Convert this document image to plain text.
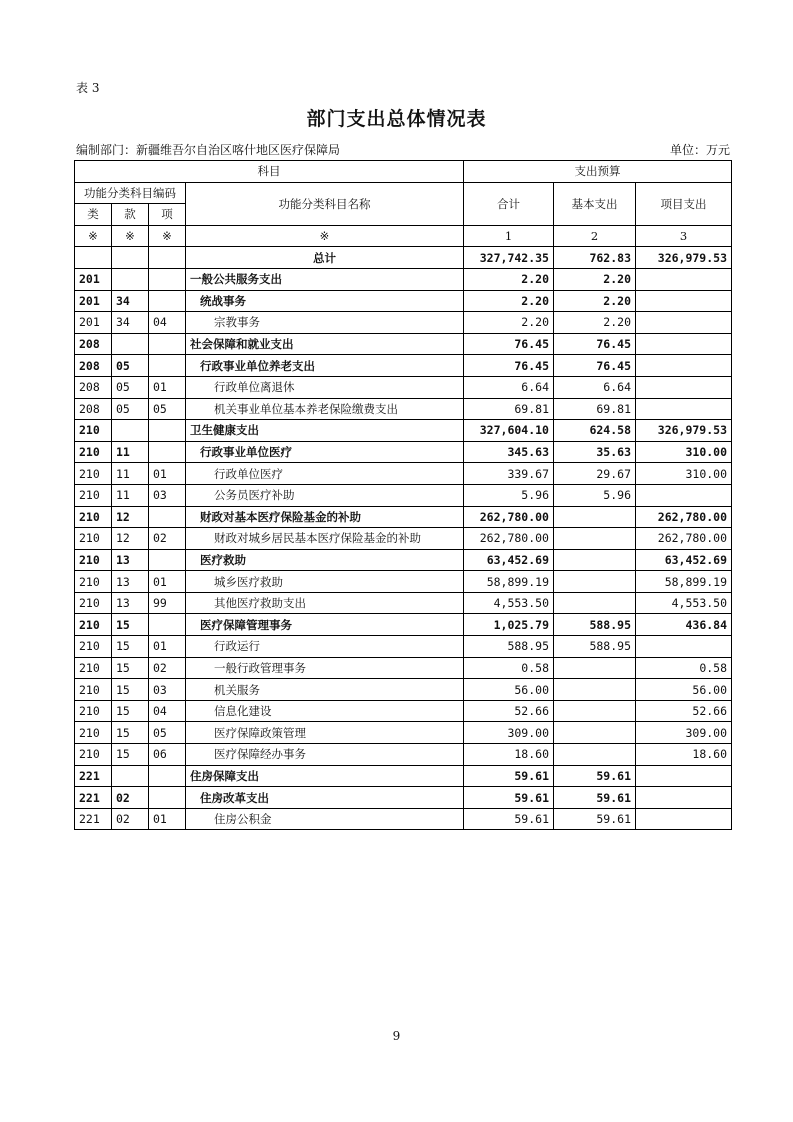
表 3
部门支出总体情况表
编制部门：新疆维吾尔自治区喀什地区医疗保障局	单位：万元
科目				支出预算		
功能分类科目编码			功能分类科目名称	合计	基本支出	项目支出
类	款	项				
※	※	※	※	1	2	3
			总计	327,742.35	762.83	326,979.53
201			一般公共服务支出	2.20	2.20	
201	34		统战事务	2.20	2.20	
201	34	04	宗教事务	2.20	2.20	
208			社会保障和就业支出	76.45	76.45	
208	05		行政事业单位养老支出	76.45	76.45	
208	05	01	行政单位离退休	6.64	6.64	
208	05	05	机关事业单位基本养老保险缴费支出	69.81	69.81	
210			卫生健康支出	327,604.10	624.58	326,979.53
210	11		行政事业单位医疗	345.63	35.63	310.00
210	11	01	行政单位医疗	339.67	29.67	310.00
210	11	03	公务员医疗补助	5.96	5.96	
210	12		财政对基本医疗保险基金的补助	262,780.00		262,780.00
210	12	02	财政对城乡居民基本医疗保险基金的补助	262,780.00		262,780.00
210	13		医疗救助	63,452.69		63,452.69
210	13	01	城乡医疗救助	58,899.19		58,899.19
210	13	99	其他医疗救助支出	4,553.50		4,553.50
210	15		医疗保障管理事务	1,025.79	588.95	436.84
210	15	01	行政运行	588.95	588.95	
210	15	02	一般行政管理事务	0.58		0.58
210	15	03	机关服务	56.00		56.00
210	15	04	信息化建设	52.66		52.66
210	15	05	医疗保障政策管理	309.00		309.00
210	15	06	医疗保障经办事务	18.60		18.60
221			住房保障支出	59.61	59.61	
221	02		住房改革支出	59.61	59.61	
221	02	01	住房公积金	59.61	59.61	
9
